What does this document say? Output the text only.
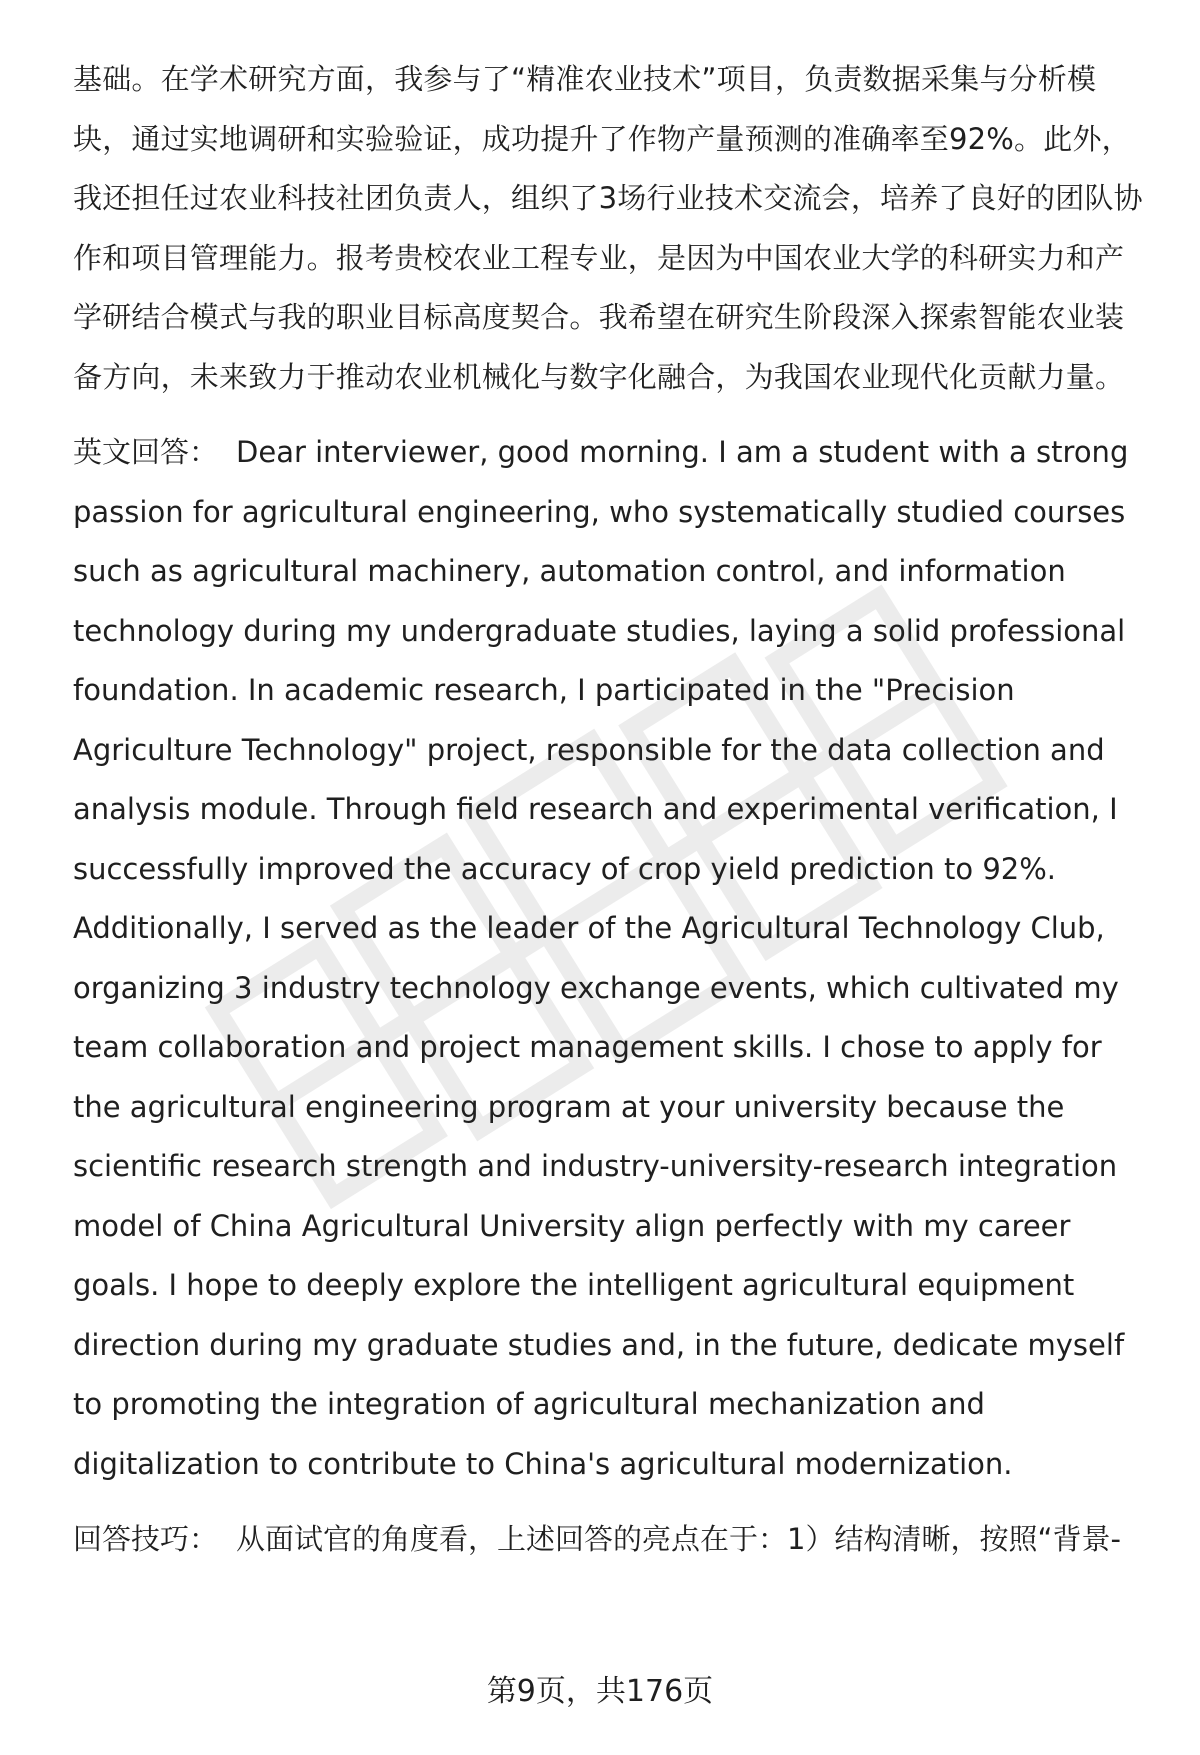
基础。在学术研究方面，我参与了“精准农业技术”项目，负责数据采集与分析模块，通过实地调研和实验验证，成功提升了作物产量预测的准确率至92%。此外，我还担任过农业科技社团负责人，组织了3场行业技术交流会，培养了良好的团队协作和项目管理能力。报考贵校农业工程专业，是因为中国农业大学的科研实力和产学研结合模式与我的职业目标高度契合。我希望在研究生阶段深入探索智能农业装备方向，未来致力于推动农业机械化与数字化融合，为我国农业现代化贡献力量。

英文回答： Dear interviewer, good morning. I am a student with a strong passion for agricultural engineering, who systematically studied courses such as agricultural machinery, automation control, and information technology during my undergraduate studies, laying a solid professional foundation. In academic research, I participated in the "Precision Agriculture Technology" project, responsible for the data collection and analysis module. Through field research and experimental verification, I successfully improved the accuracy of crop yield prediction to 92%. Additionally, I served as the leader of the Agricultural Technology Club, organizing 3 industry technology exchange events, which cultivated my team collaboration and project management skills. I chose to apply for the agricultural engineering program at your university because the scientific research strength and industry-university-research integration model of China Agricultural University align perfectly with my career goals. I hope to deeply explore the intelligent agricultural equipment direction during my graduate studies and, in the future, dedicate myself to promoting the integration of agricultural mechanization and digitalization to contribute to China's agricultural modernization.

回答技巧： 从面试官的角度看，上述回答的亮点在于：1）结构清晰，按照“背景-

第9页，共176页
